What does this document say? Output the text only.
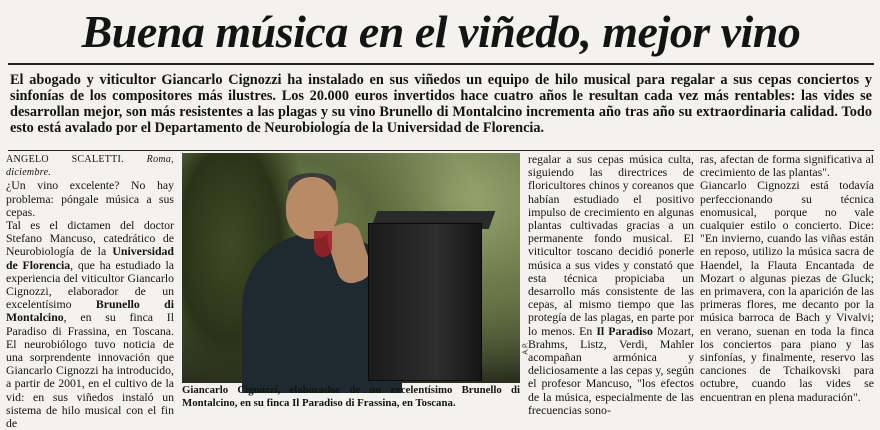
Buena música en el viñedo, mejor vino
El abogado y viticultor Giancarlo Cignozzi ha instalado en sus viñedos un equipo de hilo musical para regalar a sus cepas conciertos y sinfonías de los compositores más ilustres. Los 20.000 euros invertidos hace cuatro años le resultan cada vez más rentables: las vides se desarrollan mejor, son más resistentes a las plagas y su vino Brunello di Montalcino incrementa año tras año su extraordinaria calidad. Todo esto está avalado por el Departamento de Neurobiología de la Universidad de Florencia.

ANGELO SCALETTI. Roma, diciembre.

¿Un vino excelente? No hay problema: póngale música a sus cepas.

Tal es el dictamen del doctor Stefano Mancuso, catedrático de Neurobiología de la Universidad de Florencia, que ha estudiado la experiencia del viticultor Giancarlo Cignozzi, elaborador de un excelentísimo Brunello di Montalcino, en su finca Il Paradiso di Frassina, en Toscana. El neurobiólogo tuvo noticia de una sorprendente innovación que Giancarlo Cignozzi ha introducido, a partir de 2001, en el cultivo de la vid: en sus viñedos instaló un sistema de hilo musical con el fin de

A.P.
Giancarlo Cignozzi, elaborador de un excelentísimo Brunello di Montalcino, en su finca Il Paradiso di Frassina, en Toscana.

regalar a sus cepas música culta, siguiendo las directrices de floricultores chinos y coreanos que habían estudiado el positivo impulso de crecimiento en algunas plantas cultivadas gracias a un permanente fondo musical. El viticultor toscano decidió ponerle música a sus vides y constató que esta técnica propiciaba un desarrollo más consistente de las cepas, al mismo tiempo que las protegía de las plagas, en parte por lo menos. En Il Paradiso Mozart, Brahms, Listz, Verdi, Mahler acompañan armónica y deliciosamente a las cepas y, según el profesor Mancuso, "los efectos de la música, especialmente de las frecuencias sono-

ras, afectan de forma significativa al crecimiento de las plantas".

Giancarlo Cignozzi está todavía perfeccionando su técnica enomusical, porque no vale cualquier estilo o concierto. Dice: "En invierno, cuando las viñas están en reposo, utilizo la música sacra de Haendel, la Flauta Encantada de Mozart o algunas piezas de Gluck; en primavera, con la aparición de las primeras flores, me decanto por la música barroca de Bach y Vivalvi; en verano, suenan en toda la finca los conciertos para piano y las sinfonías, y finalmente, reservo las canciones de Tchaikovski para octubre, cuando las vides se encuentran en plena maduración".
